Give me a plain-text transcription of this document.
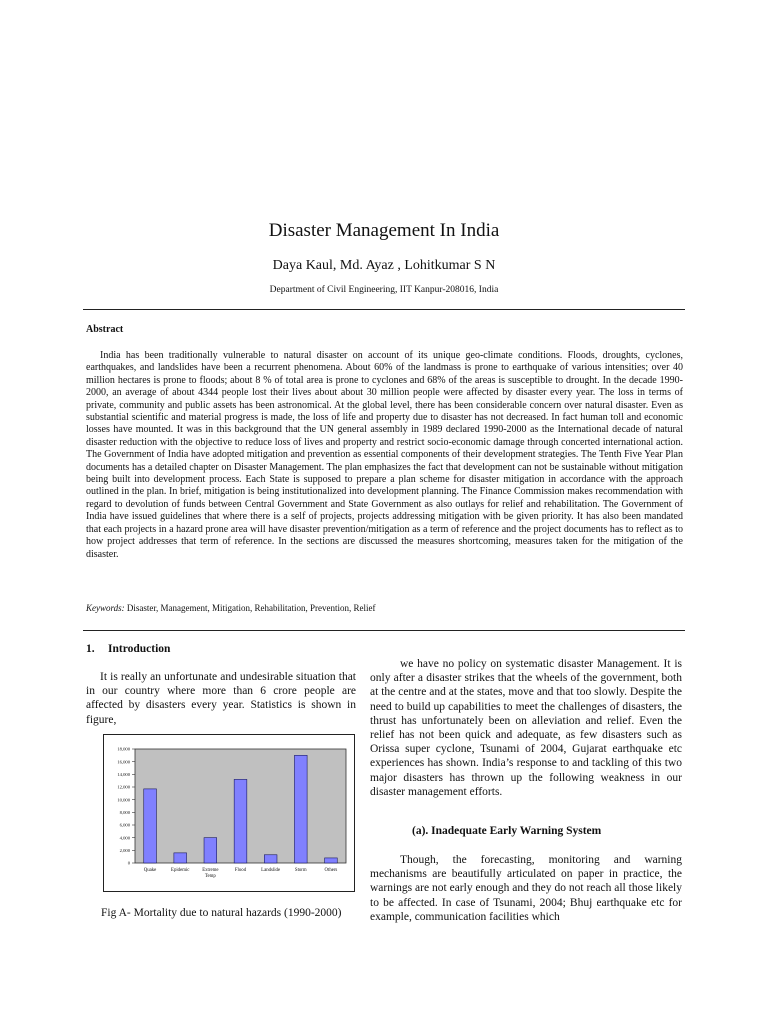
Disaster Management In India
Daya Kaul, Md. Ayaz , Lohitkumar S N
Department of Civil Engineering, IIT Kanpur-208016, India
Abstract

India has been traditionally vulnerable to natural disaster on account of its unique geo-climate conditions. Floods, droughts, cyclones, earthquakes, and landslides have been a recurrent phenomena. About 60% of the landmass is prone to earthquake of various intensities; over 40 million hectares is prone to floods; about 8 % of total area is prone to cyclones and 68% of the areas is susceptible to drought. In the decade 1990-2000, an average of about 4344 people lost their lives about about 30 million people were affected by disaster every year. The loss in terms of private, community and public assets has been astronomical. At the global level, there has been considerable concern over natural disaster. Even as substantial scientific and material progress is made, the loss of life and property due to disaster has not decreased. In fact human toll and economic losses have mounted. It was in this background that the UN general assembly in 1989 declared 1990-2000 as the International decade of natural disaster reduction with the objective to reduce loss of lives and property and restrict socio-economic damage through concerted international action. The Government of India have adopted mitigation and prevention as essential components of their development strategies. The Tenth Five Year Plan documents has a detailed chapter on Disaster Management. The plan emphasizes the fact that development can not be sustainable without mitigation being built into development process. Each State is supposed to prepare a plan scheme for disaster mitigation in accordance with the approach outlined in the plan. In brief, mitigation is being institutionalized into development planning. The Finance Commission makes recommendation with regard to devolution of funds between Central Government and State Government as also outlays for relief and rehabilitation. The Government of India have issued guidelines that where there is a self of projects, projects addressing mitigation with be given priority. It has also been mandated that each projects in a hazard prone area will have disaster prevention/mitigation as a term of reference and the project documents has to reflect as to how project addresses that term of reference. In the sections are discussed the measures shortcoming, measures taken for the mitigation of the disaster.

Keywords: Disaster, Management, Mitigation, Rehabilitation, Prevention, Relief
1. Introduction

It is really an unfortunate and undesirable situation that in our country where more than 6 crore people are affected by disasters every year. Statistics is shown in figure,

0
2,000
4,000
6,000
8,000
10,000
12,000
14,000
16,000
18,000
Quake	Epidemic	Extreme
Temp
Flood	Landslide	Storm	Others
Fig A- Mortality due to natural hazards (1990-2000)

we have no policy on systematic disaster Management. It is only after a disaster strikes that the wheels of the government, both at the centre and at the states, move and that too slowly. Despite the need to build up capabilities to meet the challenges of disasters, the thrust has unfortunately been on alleviation and relief. Even the relief has not been quick and adequate, as few disasters such as Orissa super cyclone, Tsunami of 2004, Gujarat earthquake etc experiences has shown. India’s response to and tackling of this two major disasters has thrown up the following weakness in our disaster management efforts.

(a). Inadequate Early Warning System

Though, the forecasting, monitoring and warning mechanisms are beautifully articulated on paper in practice, the warnings are not early enough and they do not reach all those likely to be affected. In case of Tsunami, 2004; Bhuj earthquake etc for example, communication facilities which
